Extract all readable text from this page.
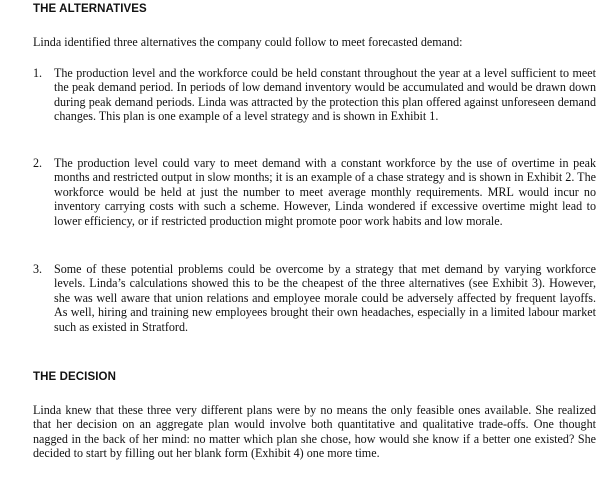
THE ALTERNATIVES

Linda identified three alternatives the company could follow to meet forecasted demand:

1. The production level and the workforce could be held constant throughout the year at a level sufficient to meet the peak demand period. In periods of low demand inventory would be accumulated and would be drawn down during peak demand periods. Linda was attracted by the protection this plan offered against unforeseen demand changes. This plan is one example of a level strategy and is shown in Exhibit 1.
2. The production level could vary to meet demand with a constant workforce by the use of overtime in peak months and restricted output in slow months; it is an example of a chase strategy and is shown in Exhibit 2. The workforce would be held at just the number to meet average monthly requirements. MRL would incur no inventory carrying costs with such a scheme. However, Linda wondered if excessive overtime might lead to lower efficiency, or if restricted production might promote poor work habits and low morale.
3. Some of these potential problems could be overcome by a strategy that met demand by varying workforce levels. Linda’s calculations showed this to be the cheapest of the three alternatives (see Exhibit 3). However, she was well aware that union relations and employee morale could be adversely affected by frequent layoffs. As well, hiring and training new employees brought their own headaches, especially in a limited labour market such as existed in Stratford.
THE DECISION

Linda knew that these three very different plans were by no means the only feasible ones available. She realized that her decision on an aggregate plan would involve both quantitative and qualitative trade-offs. One thought nagged in the back of her mind: no matter which plan she chose, how would she know if a better one existed? She decided to start by filling out her blank form (Exhibit 4) one more time.
